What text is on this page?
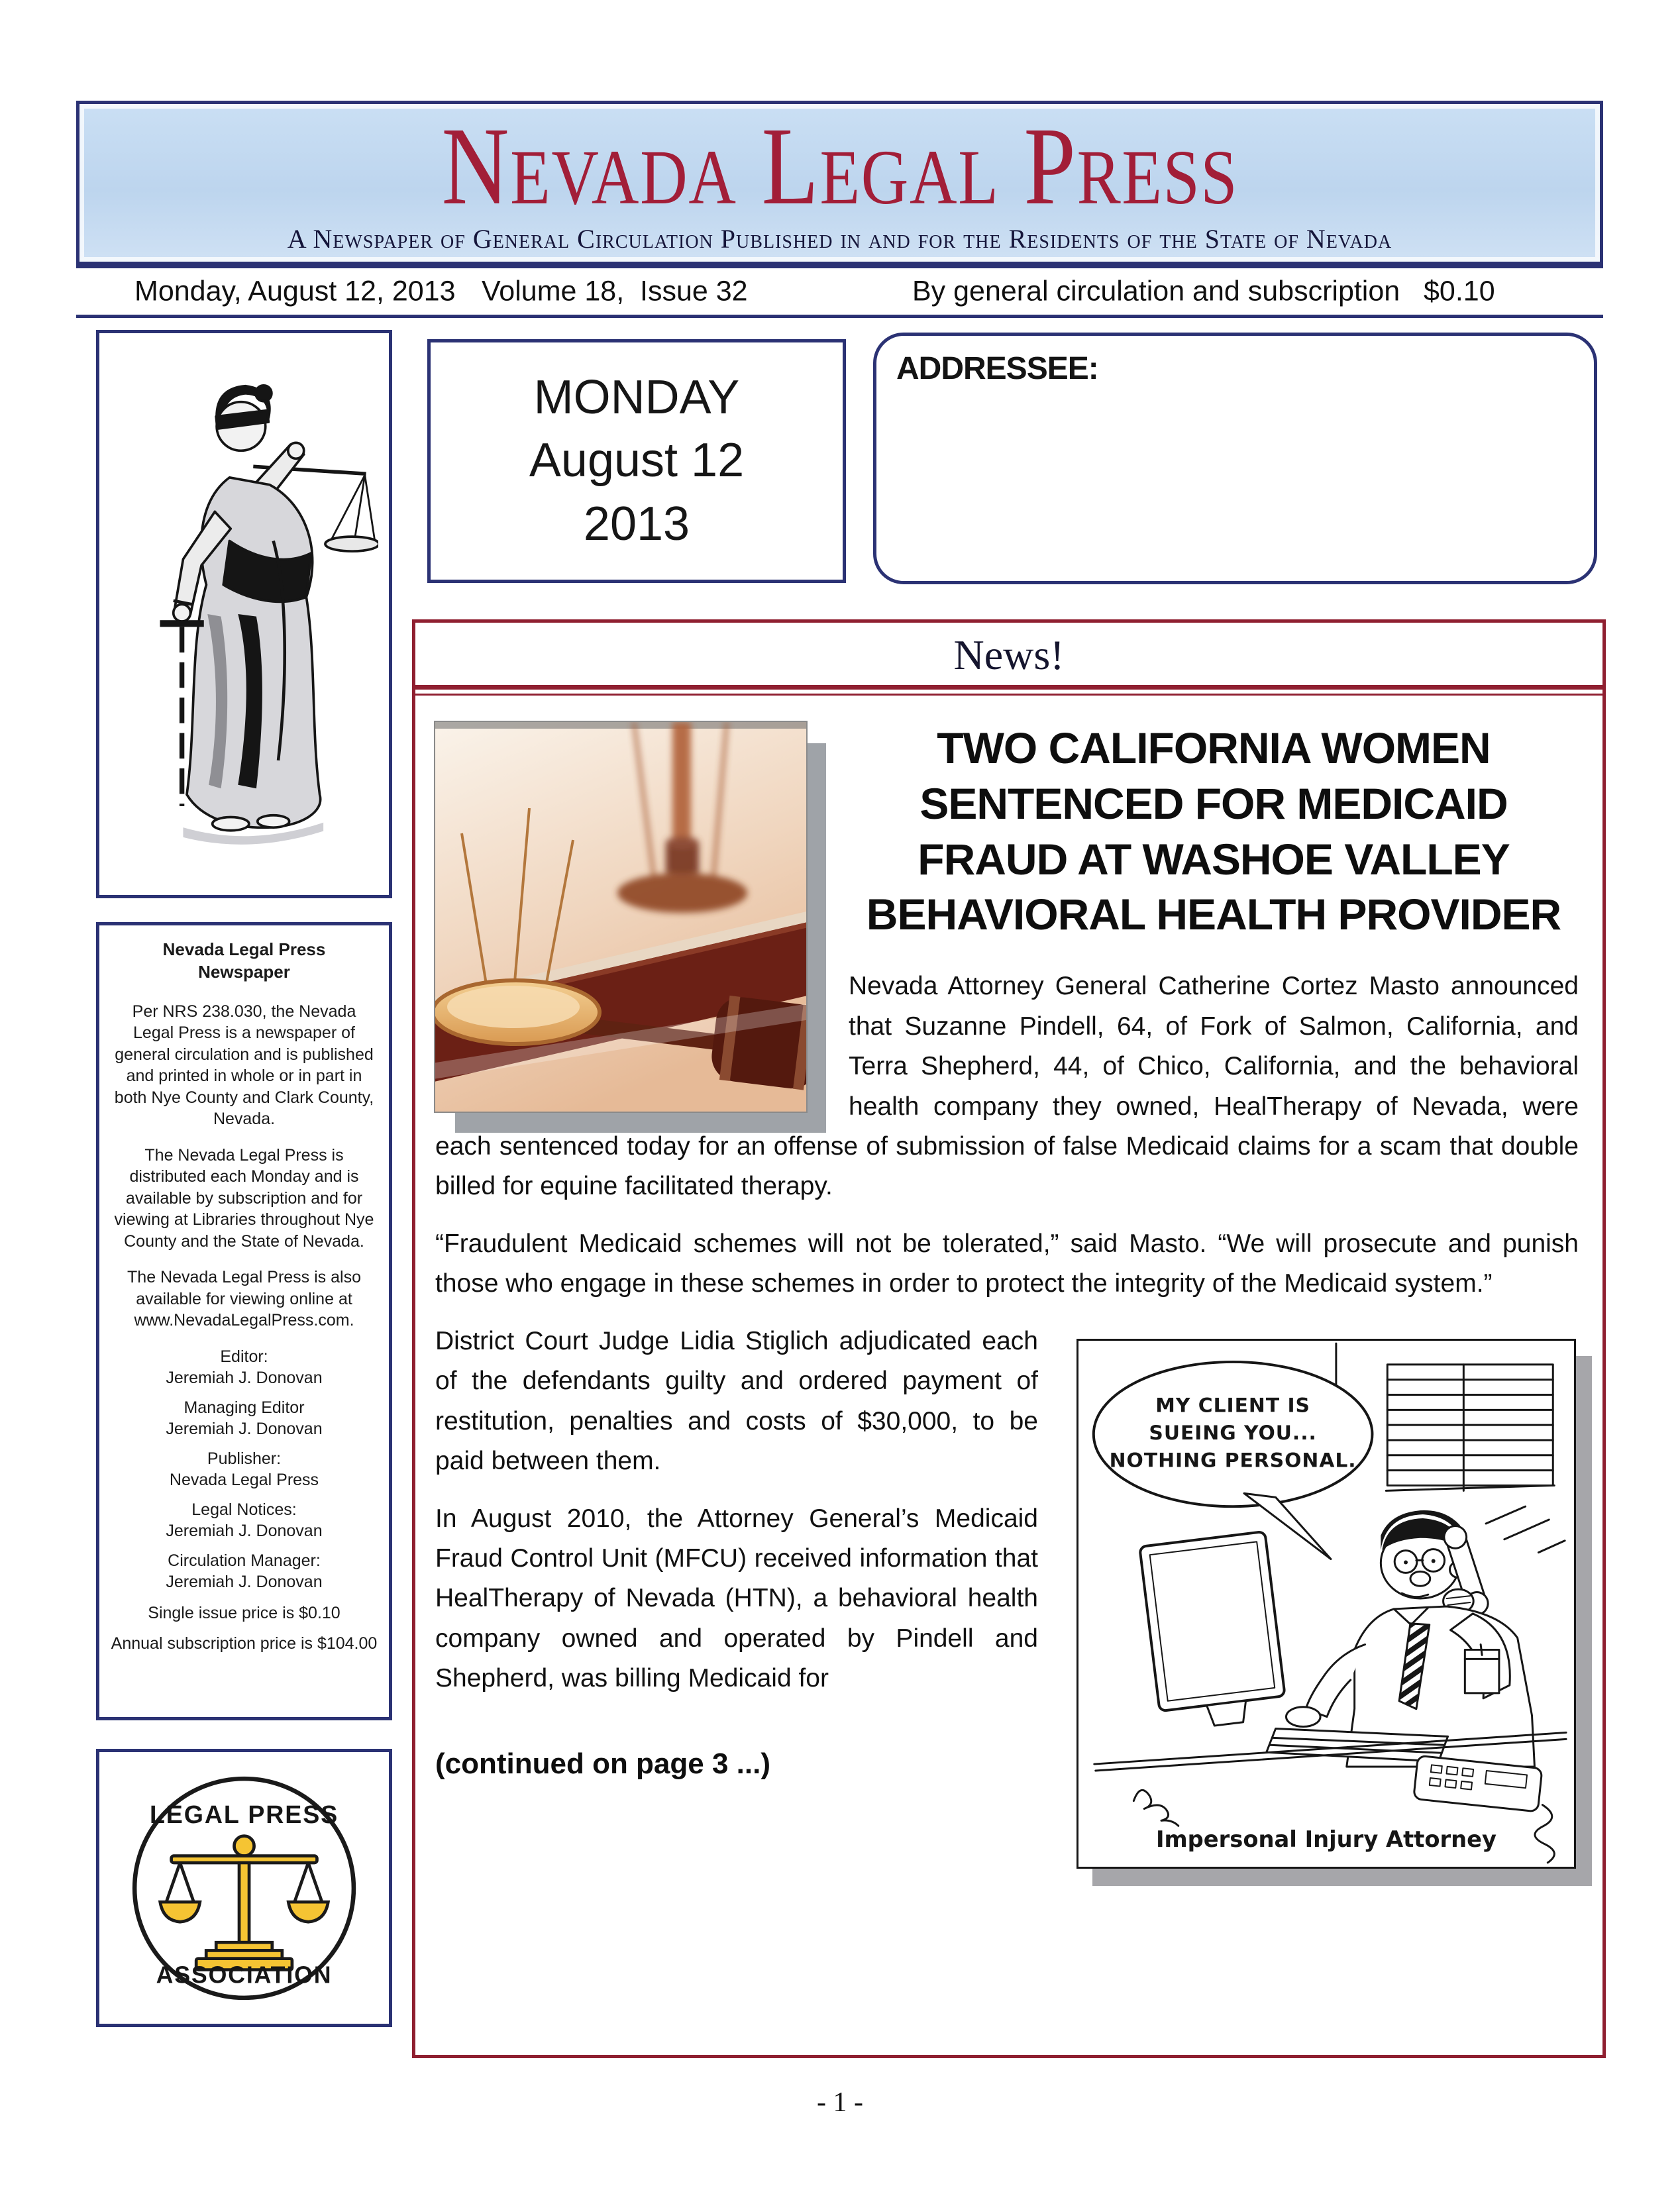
Nevada Legal Press
A Newspaper of General Circulation Published in and for the Residents of the State of Nevada
Monday, August 12, 2013 Volume 18,  Issue 32	By general circulation and subscription $0.10
Nevada Legal Press Newspaper

Per NRS 238.030, the Nevada Legal Press is a newspaper of general circulation and is published and printed in whole or in part in both Nye County and Clark County, Nevada.

The Nevada Legal Press is distributed each Monday and is available by subscription and for viewing at Libraries throughout Nye County and the State of Nevada.

The Nevada Legal Press is also available for viewing online at www.NevadaLegalPress.com.

Editor:
Jeremiah J. Donovan
Managing Editor
Jeremiah J. Donovan
Publisher:
Nevada Legal Press
Legal Notices:
Jeremiah J. Donovan
Circulation Manager:
Jeremiah J. Donovan
Single issue price is $0.10
Annual subscription price is $104.00
LEGAL PRESS
ASSOCIATION
MONDAY
August 12
2013
ADDRESSEE:
News!
TWO CALIFORNIA WOMEN SENTENCED FOR MEDICAID FRAUD AT WASHOE VALLEY BEHAVIORAL HEALTH PROVIDER

Nevada Attorney General Catherine Cortez Masto announced that Suzanne Pindell, 64, of Fork of Salmon, California, and Terra Shepherd, 44, of Chico, California, and the behavioral health company they owned, HealTherapy of Nevada, were each sentenced today for an offense of submission of false Medicaid claims for a scam that double billed for equine facilitated therapy.

“Fraudulent Medicaid schemes will not be tolerated,” said Masto. “We will prosecute and punish those who engage in these schemes in order to protect the integrity of the Medicaid system.”

MY CLIENT IS
SUEING YOU...
NOTHING PERSONAL.
Impersonal Injury Attorney

District Court Judge Lidia Stiglich adjudicated each of the defendants guilty and ordered payment of restitution, penalties and costs of $30,000, to be paid between them.

In August 2010, the Attorney General’s Medicaid Fraud Control Unit (MFCU) received information that HealTherapy of Nevada (HTN), a behavioral health company owned and operated by Pindell and Shepherd, was billing Medicaid for

(continued on page 3 ...)
- 1 -
